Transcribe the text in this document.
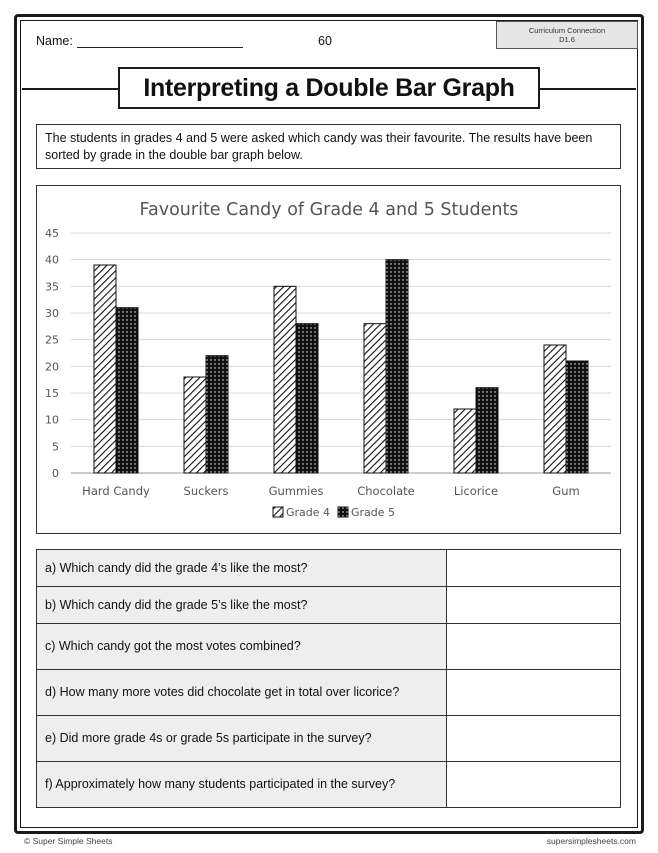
Name:	60
Curriculum Connection
D1.6
Interpreting a Double Bar Graph
The students in grades 4 and 5 were asked which candy was their favourite. The results have been sorted by grade in the double bar graph below.
Favourite Candy of Grade 4 and 5 Students
0
5
10
15
20
25
30
35
40
45
Hard Candy	Suckers	Gummies	Chocolate	Licorice	Gum
Grade 4 Grade 5
a) Which candy did the grade 4’s like the most?	
b) Which candy did the grade 5’s like the most?	
c) Which candy got the most votes combined?	
d) How many more votes did chocolate get in total over licorice?	
e) Did more grade 4s or grade 5s participate in the survey?	
f) Approximately how many students participated in the survey?	
© Super Simple Sheets	supersimplesheets.com
